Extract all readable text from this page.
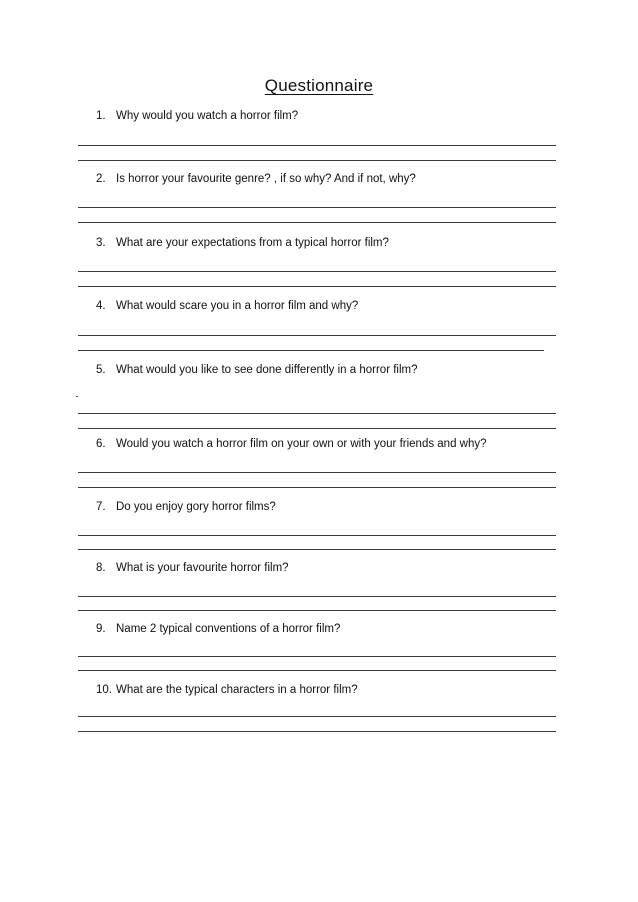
Questionnaire
1. Why would you watch a horror film?
2. Is horror your favourite genre? , if so why? And if not, why?
3. What are your expectations from a typical horror film?
4. What would scare you in a horror film and why?
5. What would you like to see done differently in a horror film?
6. Would you watch a horror film on your own or with your friends and why?
7. Do you enjoy gory horror films?
8. What is your favourite horror film?
9. Name 2 typical conventions of a horror film?
10. What are the typical characters in a horror film?
